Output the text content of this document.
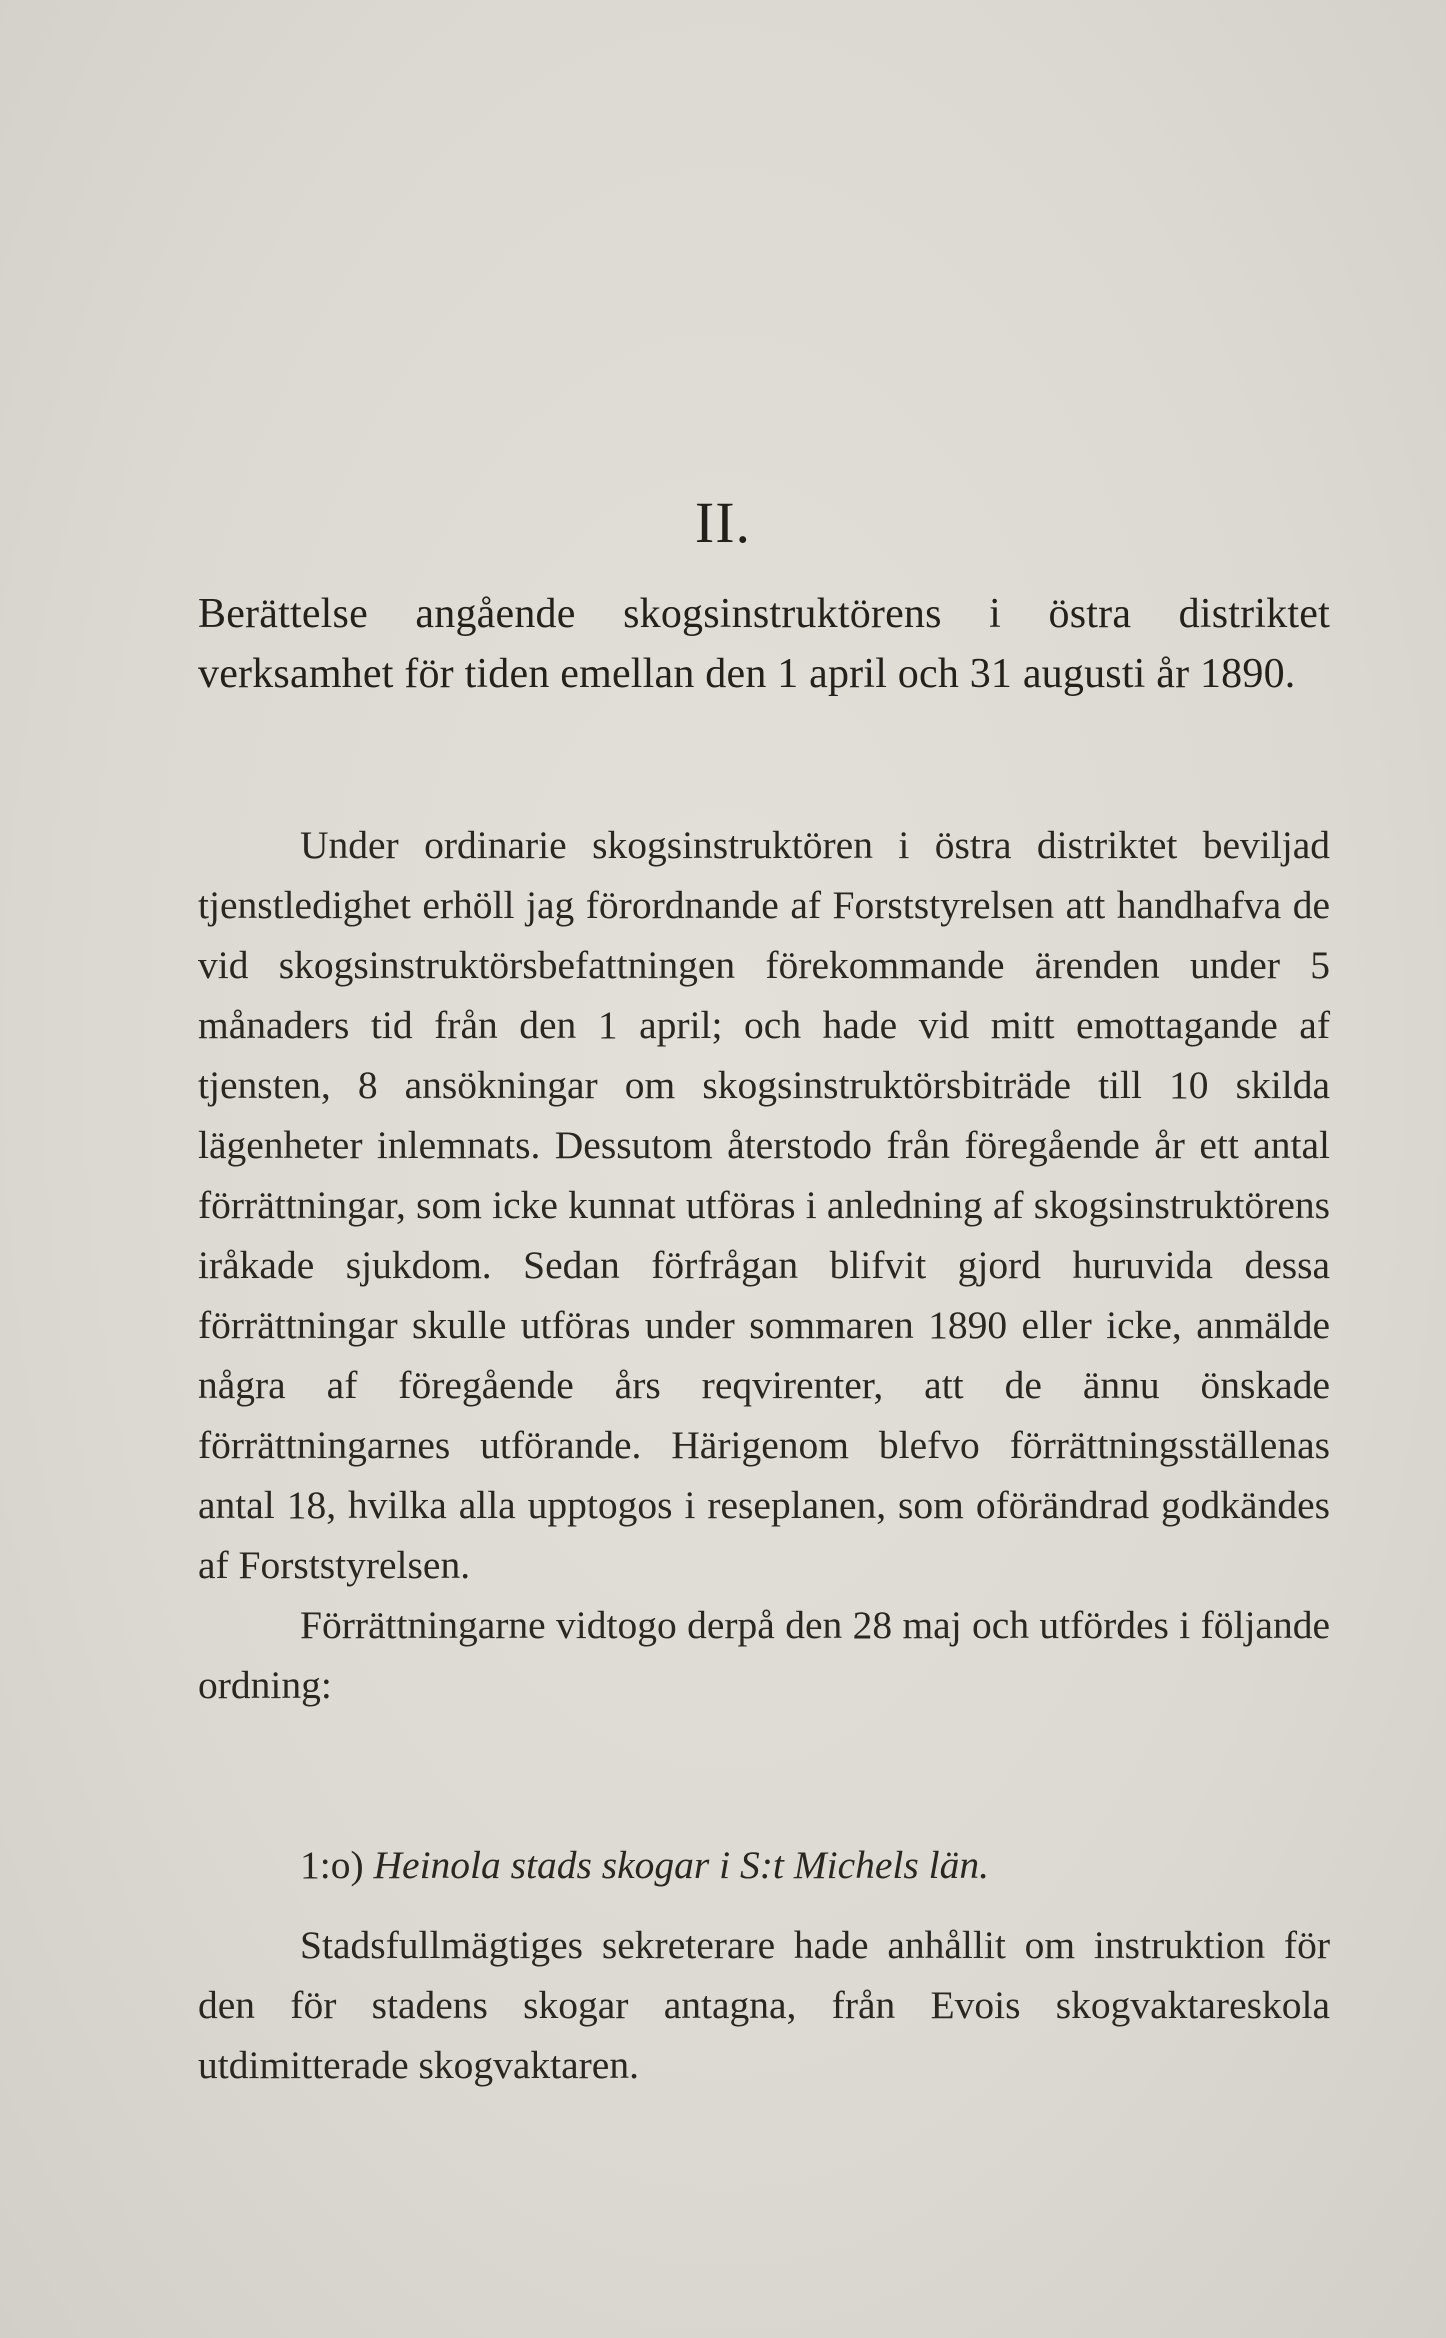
II.
Berättelse angående skogsinstruktörens i östra distriktet verksamhet för tiden emellan den 1 april och 31 augusti år 1890.

Under ordinarie skogsinstruktören i östra distriktet beviljad tjenstledighet erhöll jag förordnande af Forststyrelsen att handhafva de vid skogsinstruktörsbefattningen förekommande ärenden under 5 månaders tid från den 1 april; och hade vid mitt emottagande af tjensten, 8 ansökningar om skogsinstruktörsbiträde till 10 skilda lägenheter inlemnats. Dessutom återstodo från föregående år ett antal förrättningar, som icke kunnat utföras i anledning af skogsinstruktörens iråkade sjukdom. Sedan förfrågan blifvit gjord huruvida dessa förrättningar skulle utföras under sommaren 1890 eller icke, anmälde några af föregående års reqvirenter, att de ännu önskade förrättningarnes utförande. Härigenom blefvo förrättningsställenas antal 18, hvilka alla upptogos i reseplanen, som oförändrad godkändes af Forststyrelsen.

Förrättningarne vidtogo derpå den 28 maj och utfördes i följande ordning:

1:o) Heinola stads skogar i S:t Michels län.

Stadsfullmägtiges sekreterare hade anhållit om instruktion för den för stadens skogar antagna, från Evois skogvaktareskola utdimitterade skogvaktaren.
